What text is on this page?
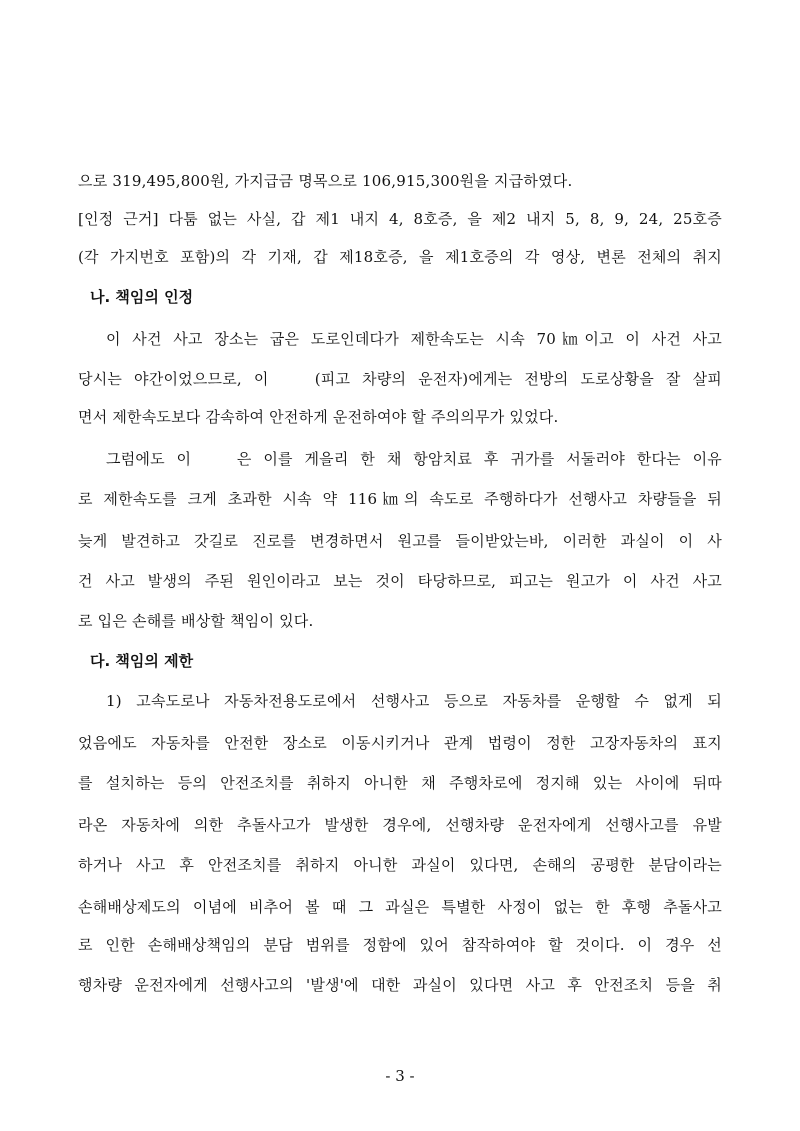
으로 319,495,800원, 가지급금 명목으로 106,915,300원을 지급하였다.
[인정 근거] 다툼 없는 사실, 갑 제1 내지 4, 8호증, 을 제2 내지 5, 8, 9, 24, 25호증
(각 가지번호 포함)의 각 기재, 갑 제18호증, 을 제1호증의 각 영상, 변론 전체의 취지
나. 책임의 인정
이 사건 사고 장소는 굽은 도로인데다가 제한속도는 시속 70㎞이고 이 사건 사고
당시는 야간이었으므로, 이 　 (피고 차량의 운전자)에게는 전방의 도로상황을 잘 살피
면서 제한속도보다 감속하여 안전하게 운전하여야 할 주의의무가 있었다.
그럼에도 이 　 은 이를 게을리 한 채 항암치료 후 귀가를 서둘러야 한다는 이유
로 제한속도를 크게 초과한 시속 약 116㎞의 속도로 주행하다가 선행사고 차량들을 뒤
늦게 발견하고 갓길로 진로를 변경하면서 원고를 들이받았는바, 이러한 과실이 이 사
건 사고 발생의 주된 원인이라고 보는 것이 타당하므로, 피고는 원고가 이 사건 사고
로 입은 손해를 배상할 책임이 있다.
다. 책임의 제한
1) 고속도로나 자동차전용도로에서 선행사고 등으로 자동차를 운행할 수 없게 되
었음에도 자동차를 안전한 장소로 이동시키거나 관계 법령이 정한 고장자동차의 표지
를 설치하는 등의 안전조치를 취하지 아니한 채 주행차로에 정지해 있는 사이에 뒤따
라온 자동차에 의한 추돌사고가 발생한 경우에, 선행차량 운전자에게 선행사고를 유발
하거나 사고 후 안전조치를 취하지 아니한 과실이 있다면, 손해의 공평한 분담이라는
손해배상제도의 이념에 비추어 볼 때 그 과실은 특별한 사정이 없는 한 후행 추돌사고
로 인한 손해배상책임의 분담 범위를 정함에 있어 참작하여야 할 것이다. 이 경우 선
행차량 운전자에게 선행사고의 '발생'에 대한 과실이 있다면 사고 후 안전조치 등을 취
- 3 -
